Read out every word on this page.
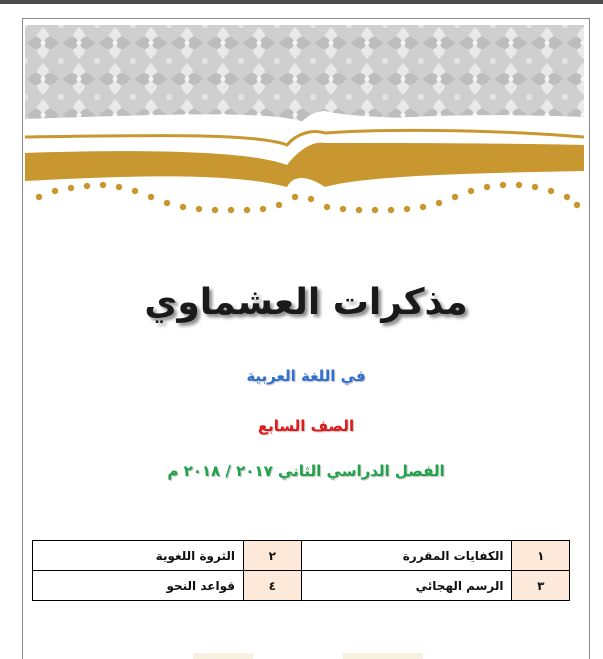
مذكرات العشماوي

في اللغة العربية

الصف السابع

الفصل الدراسي الثاني ٢٠١٧ / ٢٠١٨ م

١	الكفايات المقررة	٢	الثروة اللغوية
٣	الرسم الهجائي	٤	قواعد النحو
